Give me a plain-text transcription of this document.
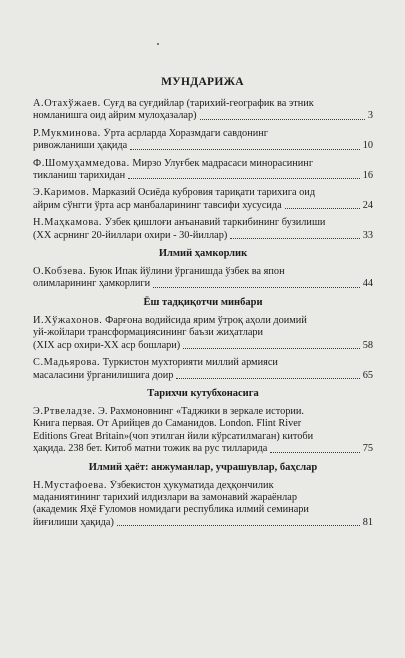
МУНДАРИЖА
А.Отахўжаев. Суғд ва суғдийлар (тарихий-географик ва этник
номланишга оид айрим мулоҳазалар)	3
Р.Мукминова. Ўрта асрларда Хоразмдаги савдонинг
ривожланиши ҳақида	10
Ф.Шомуҳаммедова. Мирзо Улуғбек мадрасаси минорасининг
тикланиш тарихидан	16
Э.Каримов. Марказий Осиёда кубровия тариқати тарихига оид
айрим сўнгги ўрта аср манбаларининг тавсифи хусусида	24
Н.Маҳкамова. Ўзбек қишлоғи анъанавий таркибининг бузилиши
(XX асрнинг 20-йиллари охири - 30-йиллар)	33
Илмий ҳамкорлик
О.Кобзева. Буюк Ипак йўлини ўрганишда ўзбек ва япон
олимларининг ҳамкорлиги	44
Ёш тадқиқотчи минбари
И.Хўжахонов. Фарғона водийсида ярим ўтроқ аҳоли доимий
уй-жойлари трансформациясининг баъзи жиҳатлари
(XIX аср охири-XX аср бошлари)	58
С.Мадьярова. Туркистон мухторияти миллий армияси
масаласини ўрганилишига доир	65
Тарихчи кутубхонасига
Э.Ртвеладзе. Э. Рахмоновнинг «Таджики в зеркале истории.
Книга первая. От Арийцев до Саманидов. London. Flint River
Editions Great Britain»(чоп этилган йили кўрсатилмаган) китоби
ҳақида. 238 бет. Китоб матни тожик ва рус тилларида	75
Илмий ҳаёт: анжуманлар, учрашувлар, баҳслар
Н.Мустафоева. Ўзбекистон ҳукуматида деҳқончилик
маданиятининг тарихий илдизлари ва замонавий жараёнлар
(академик Яҳё Ғуломов номидаги республика илмий семинари
йиғилиши ҳақида)	81
